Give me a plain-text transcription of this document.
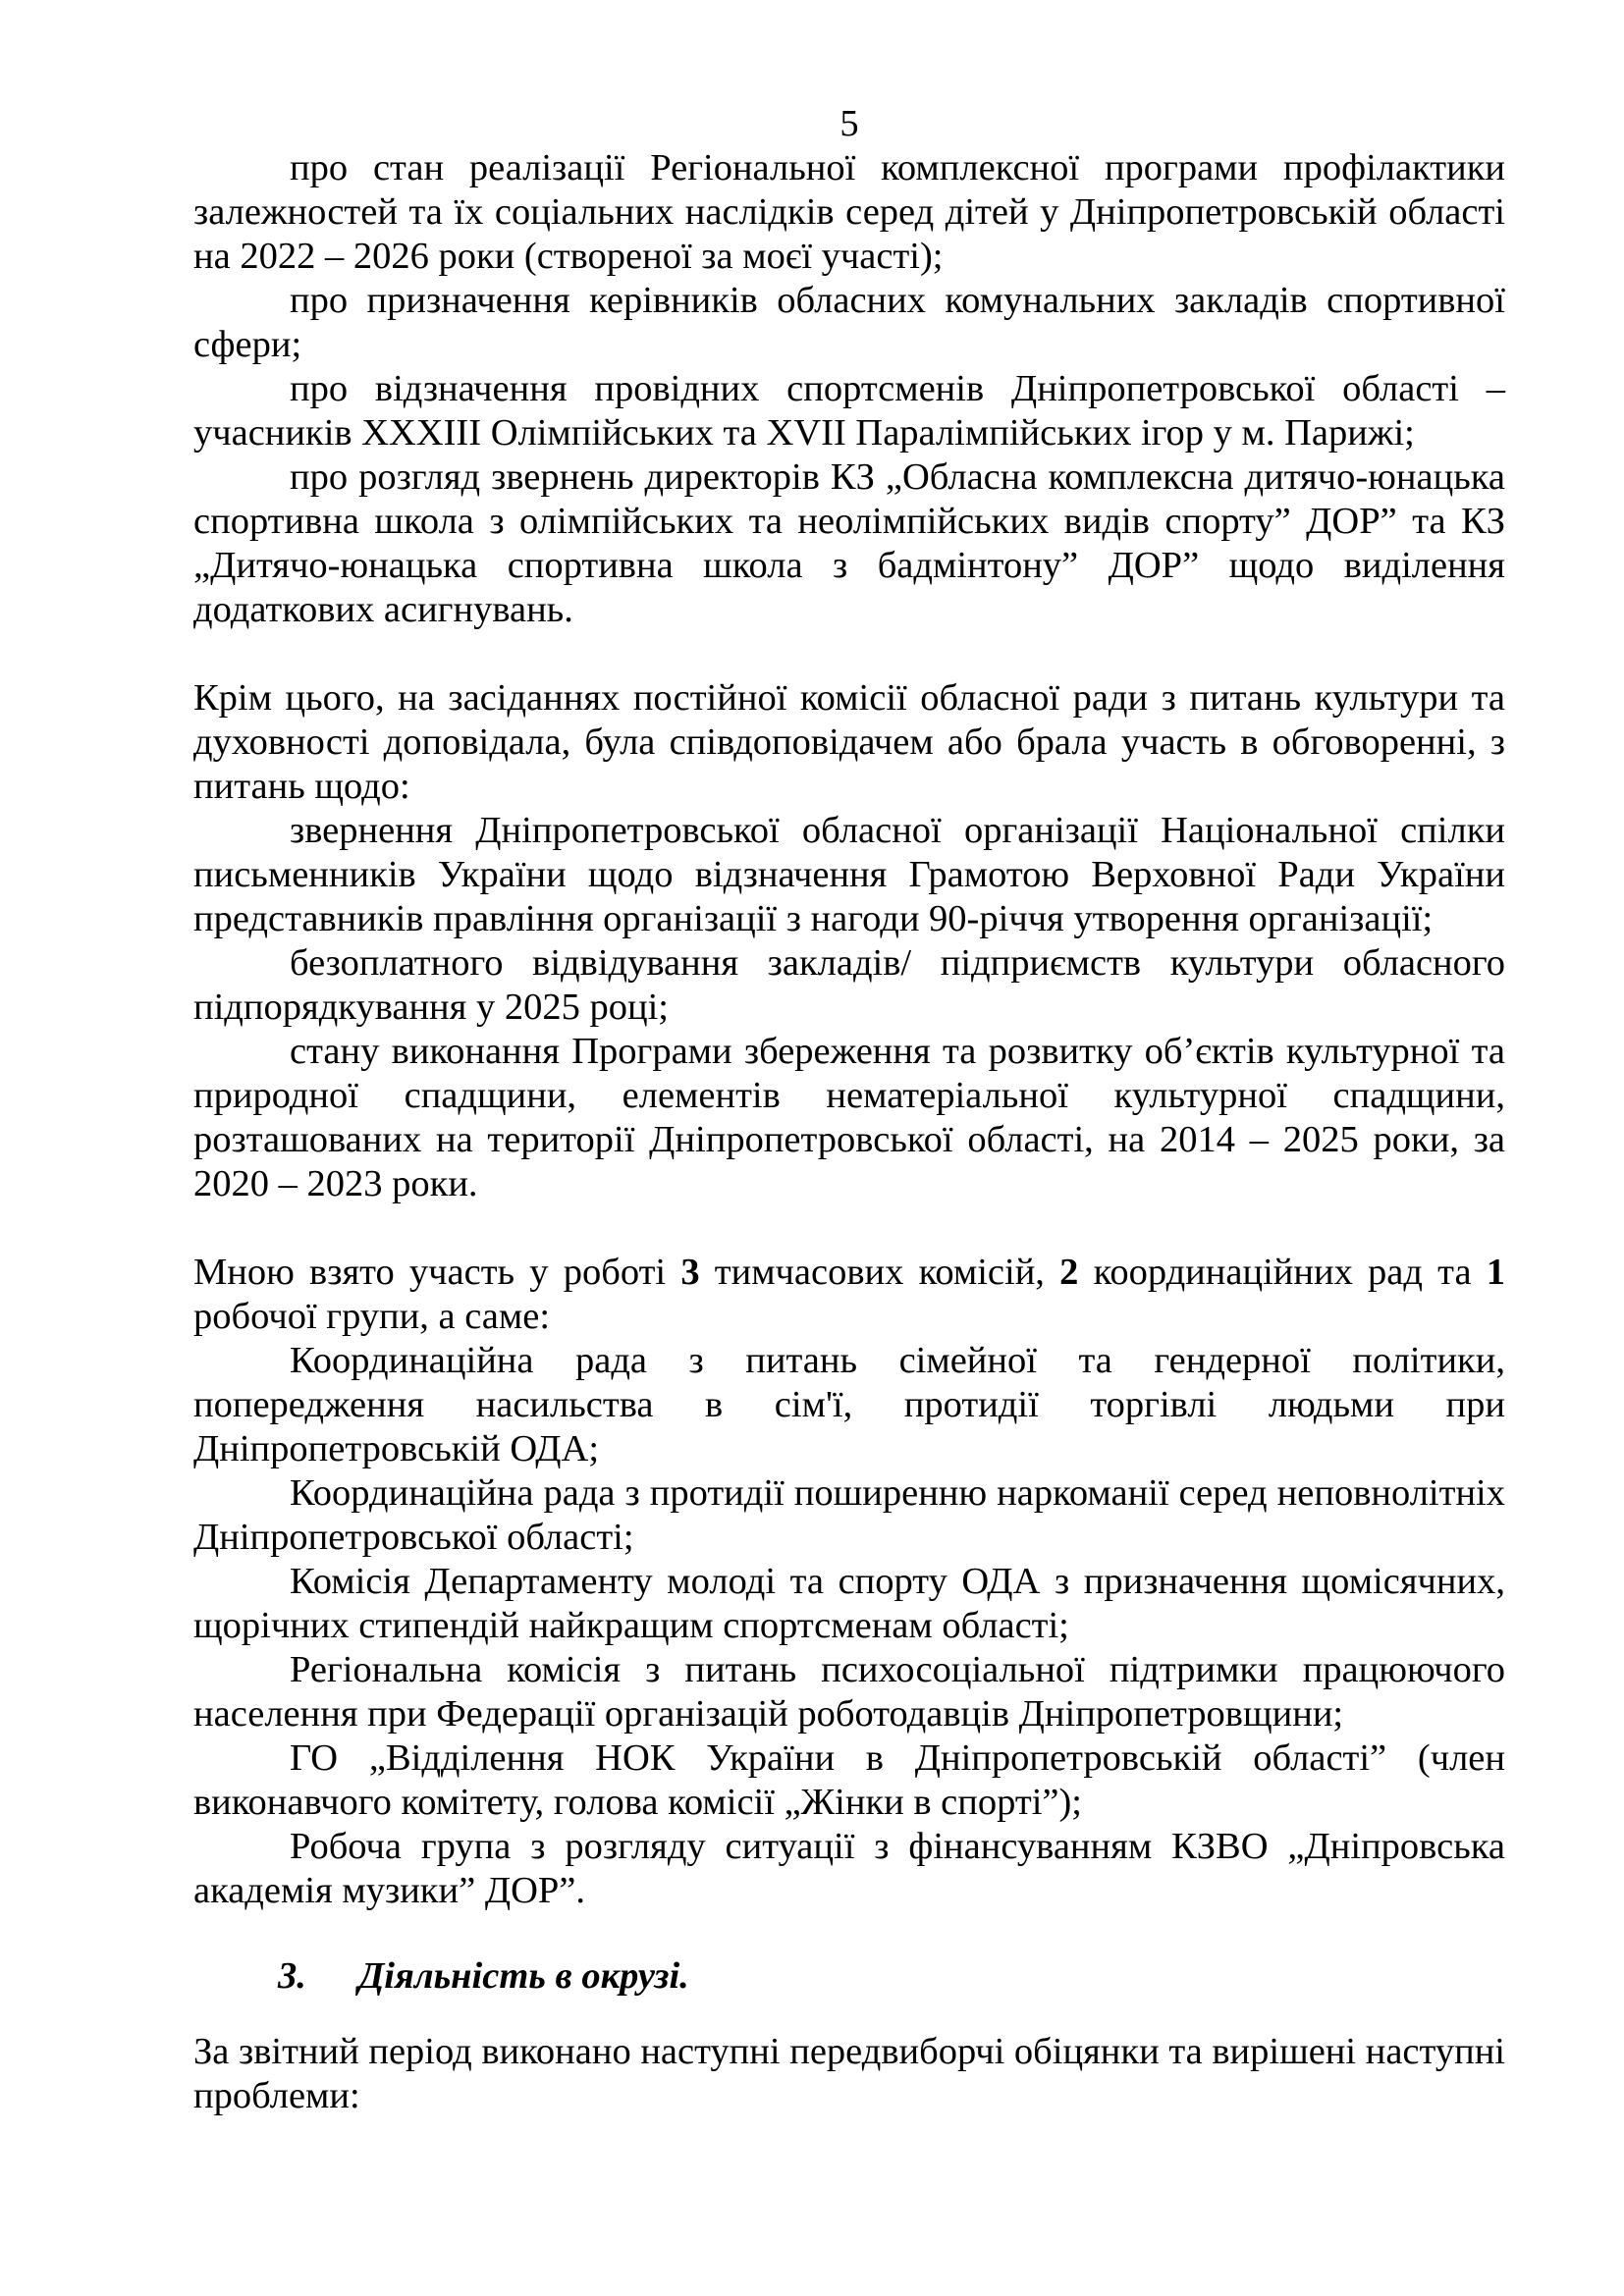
5

про стан реалізації Регіональної комплексної програми профілактики залежностей та їх соціальних наслідків серед дітей у Дніпропетровській області на 2022 – 2026 роки (створеної за моєї участі);

про призначення керівників обласних комунальних закладів спортивної сфери;

про відзначення провідних спортсменів Дніпропетровської області – учасників XXXIII Олімпійських та XVII Паралімпійських ігор у м. Парижі;

про розгляд звернень директорів КЗ „Обласна комплексна дитячо-юнацька спортивна школа з олімпійських та неолімпійських видів спорту” ДОР” та КЗ „Дитячо-юнацька спортивна школа з бадмінтону” ДОР” щодо виділення додаткових асигнувань.

Крім цього, на засіданнях постійної комісії обласної ради з питань культури та духовності доповідала, була співдоповідачем або брала участь в обговоренні, з питань щодо:

звернення Дніпропетровської обласної організації Національної спілки письменників України щодо відзначення Грамотою Верховної Ради України представників правління організації з нагоди 90-річчя утворення організації;

безоплатного відвідування закладів/ підприємств культури обласного підпорядкування у 2025 році;

стану виконання Програми збереження та розвитку об’єктів культурної та природної спадщини, елементів нематеріальної культурної спадщини, розташованих на території Дніпропетровської області, на 2014 – 2025 роки, за 2020 – 2023 роки.

Мною взято участь у роботі 3 тимчасових комісій, 2 координаційних рад та 1 робочої групи, а саме:

Координаційна рада з питань сімейної та гендерної політики, попередження насильства в сім'ї, протидії торгівлі людьми при Дніпропетровській ОДА;

Координаційна рада з протидії поширенню наркоманії серед неповнолітніх Дніпропетровської області;

Комісія Департаменту молоді та спорту ОДА з призначення щомісячних, щорічних стипендій найкращим спортсменам області;

Регіональна комісія з питань психосоціальної підтримки працюючого населення при Федерації організацій роботодавців Дніпропетровщини;

ГО „Відділення НОК України в Дніпропетровській області” (член виконавчого комітету, голова комісії „Жінки в спорті”);

Робоча група з розгляду ситуації з фінансуванням КЗВО „Дніпровська академія музики” ДОР”.

3. Діяльність в окрузі.

За звітний період виконано наступні передвиборчі обіцянки та вирішені наступні проблеми:
